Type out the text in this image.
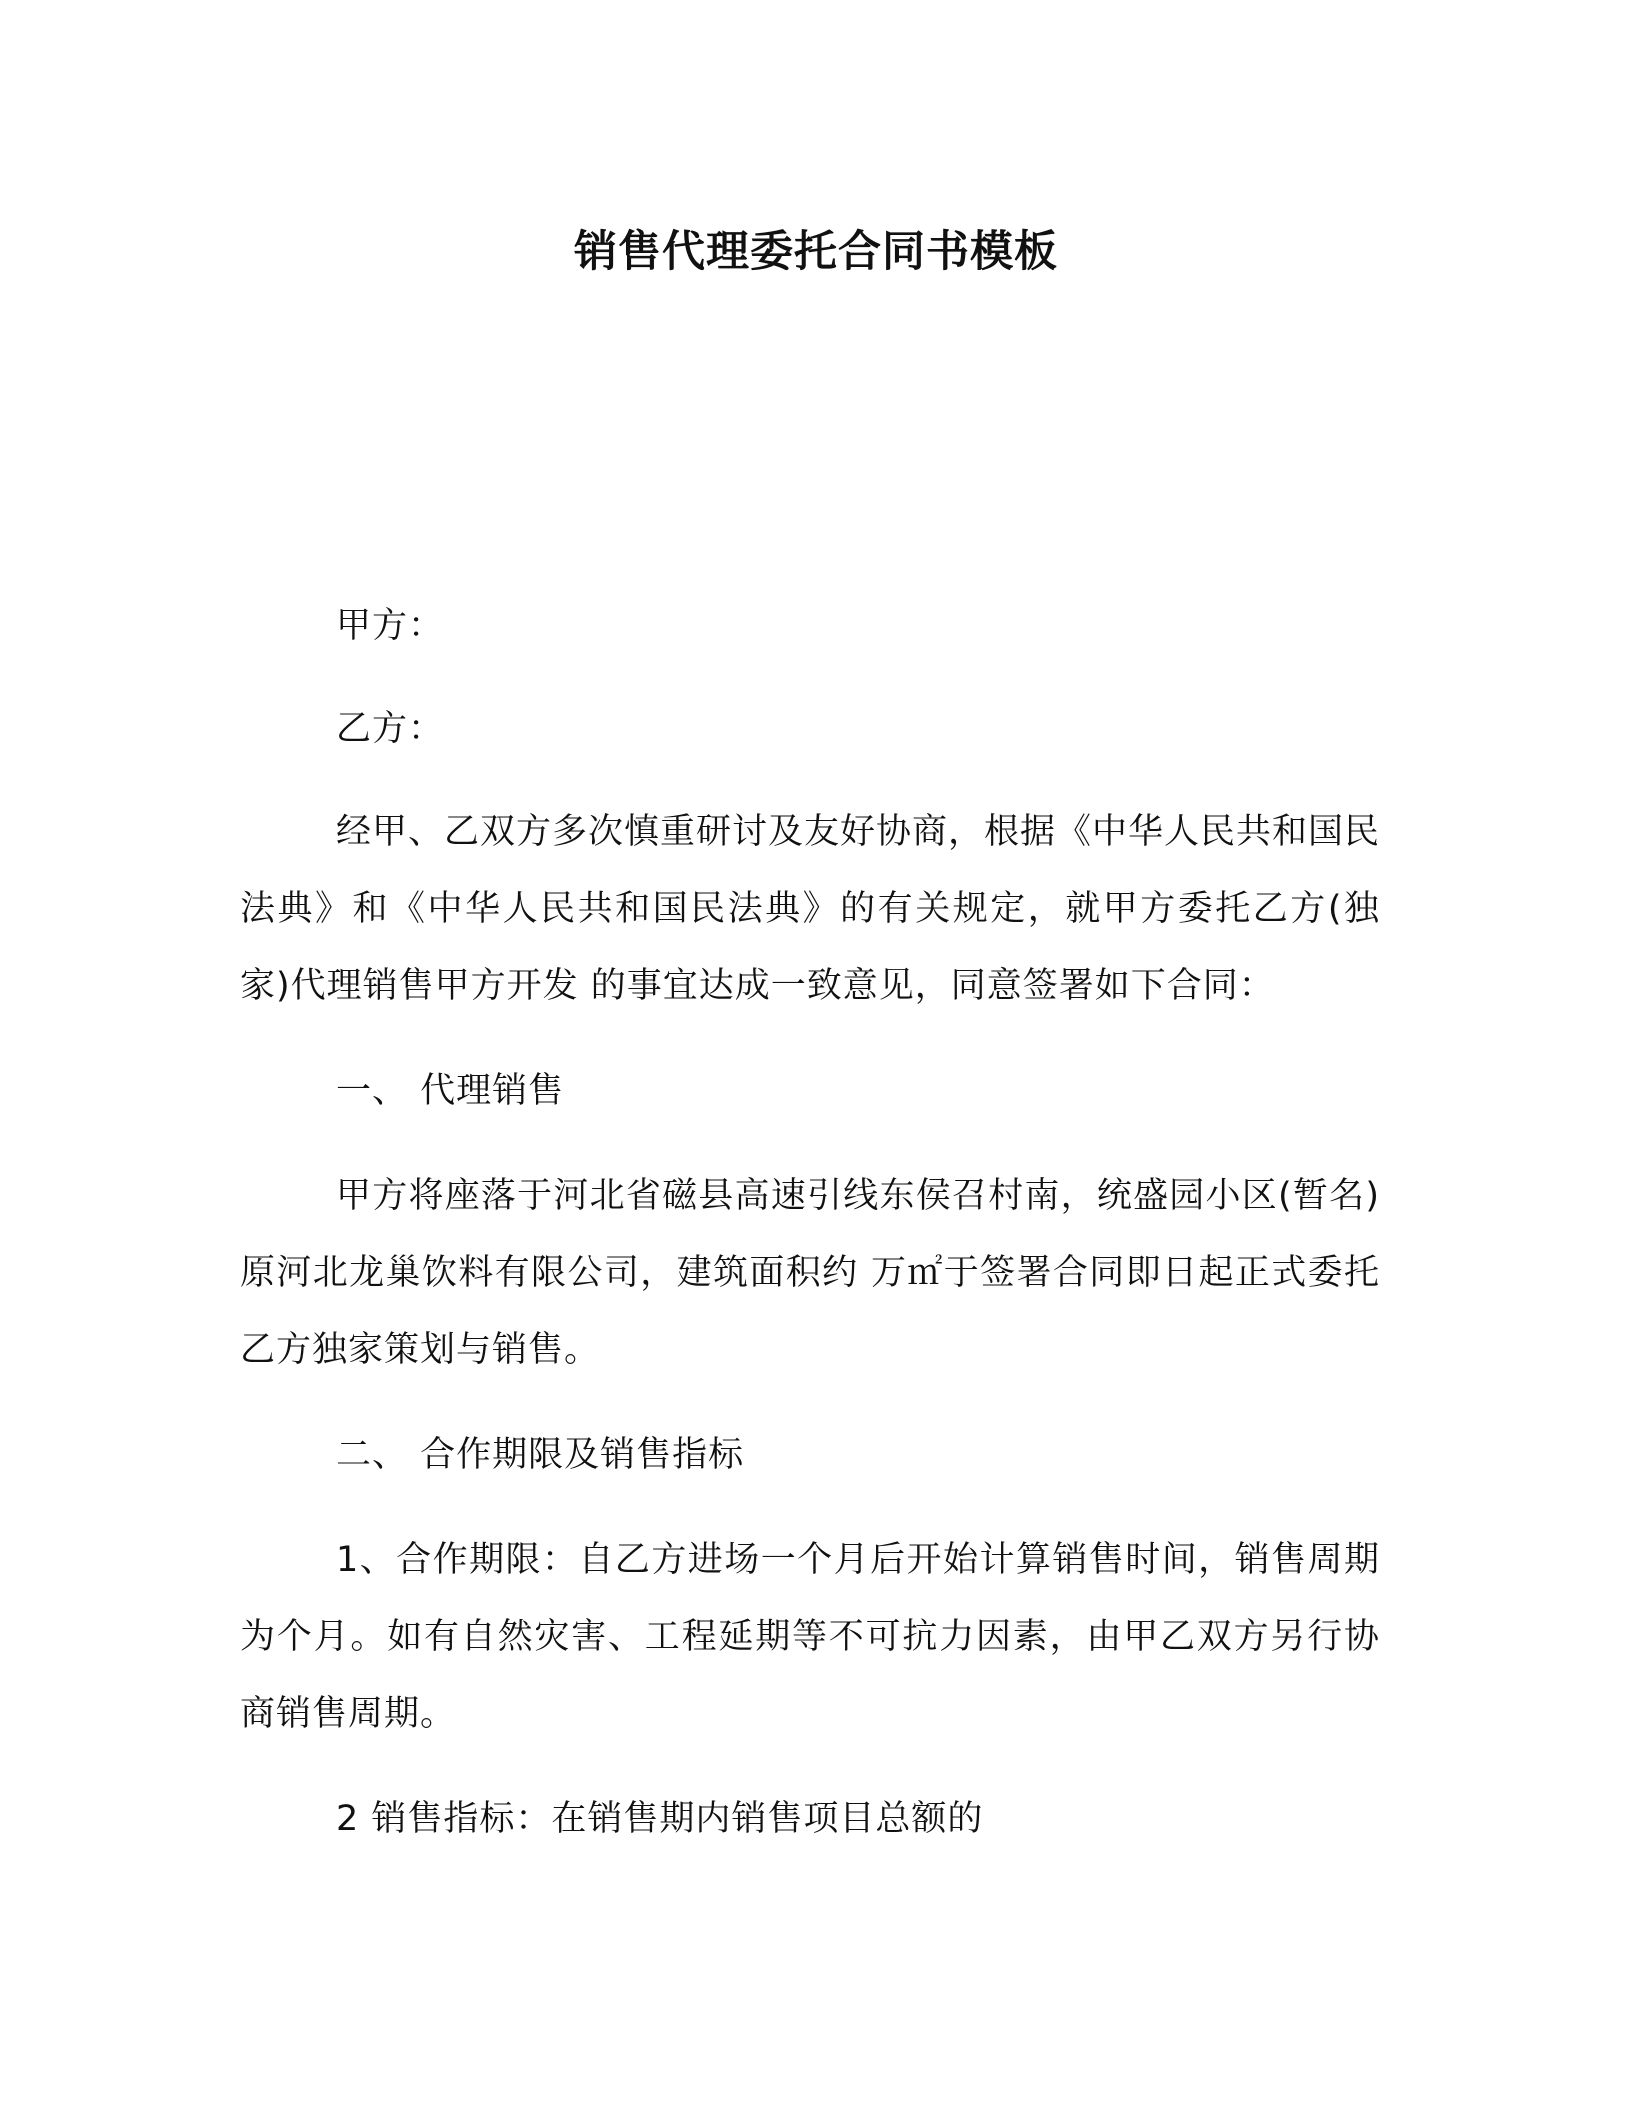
销售代理委托合同书模板

甲方：

乙方：

经甲、乙双方多次慎重研讨及友好协商，根据《中华人民共和国民法典》和《中华人民共和国民法典》的有关规定，就甲方委托乙方(独家)代理销售甲方开发 的事宜达成一致意见，同意签署如下合同：

一、 代理销售

甲方将座落于河北省磁县高速引线东侯召村南，统盛园小区(暂名)原河北龙巢饮料有限公司，建筑面积约 万㎡于签署合同即日起正式委托乙方独家策划与销售。

二、 合作期限及销售指标

1、合作期限：自乙方进场一个月后开始计算销售时间，销售周期为个月。如有自然灾害、工程延期等不可抗力因素，由甲乙双方另行协商销售周期。

2 销售指标：在销售期内销售项目总额的
